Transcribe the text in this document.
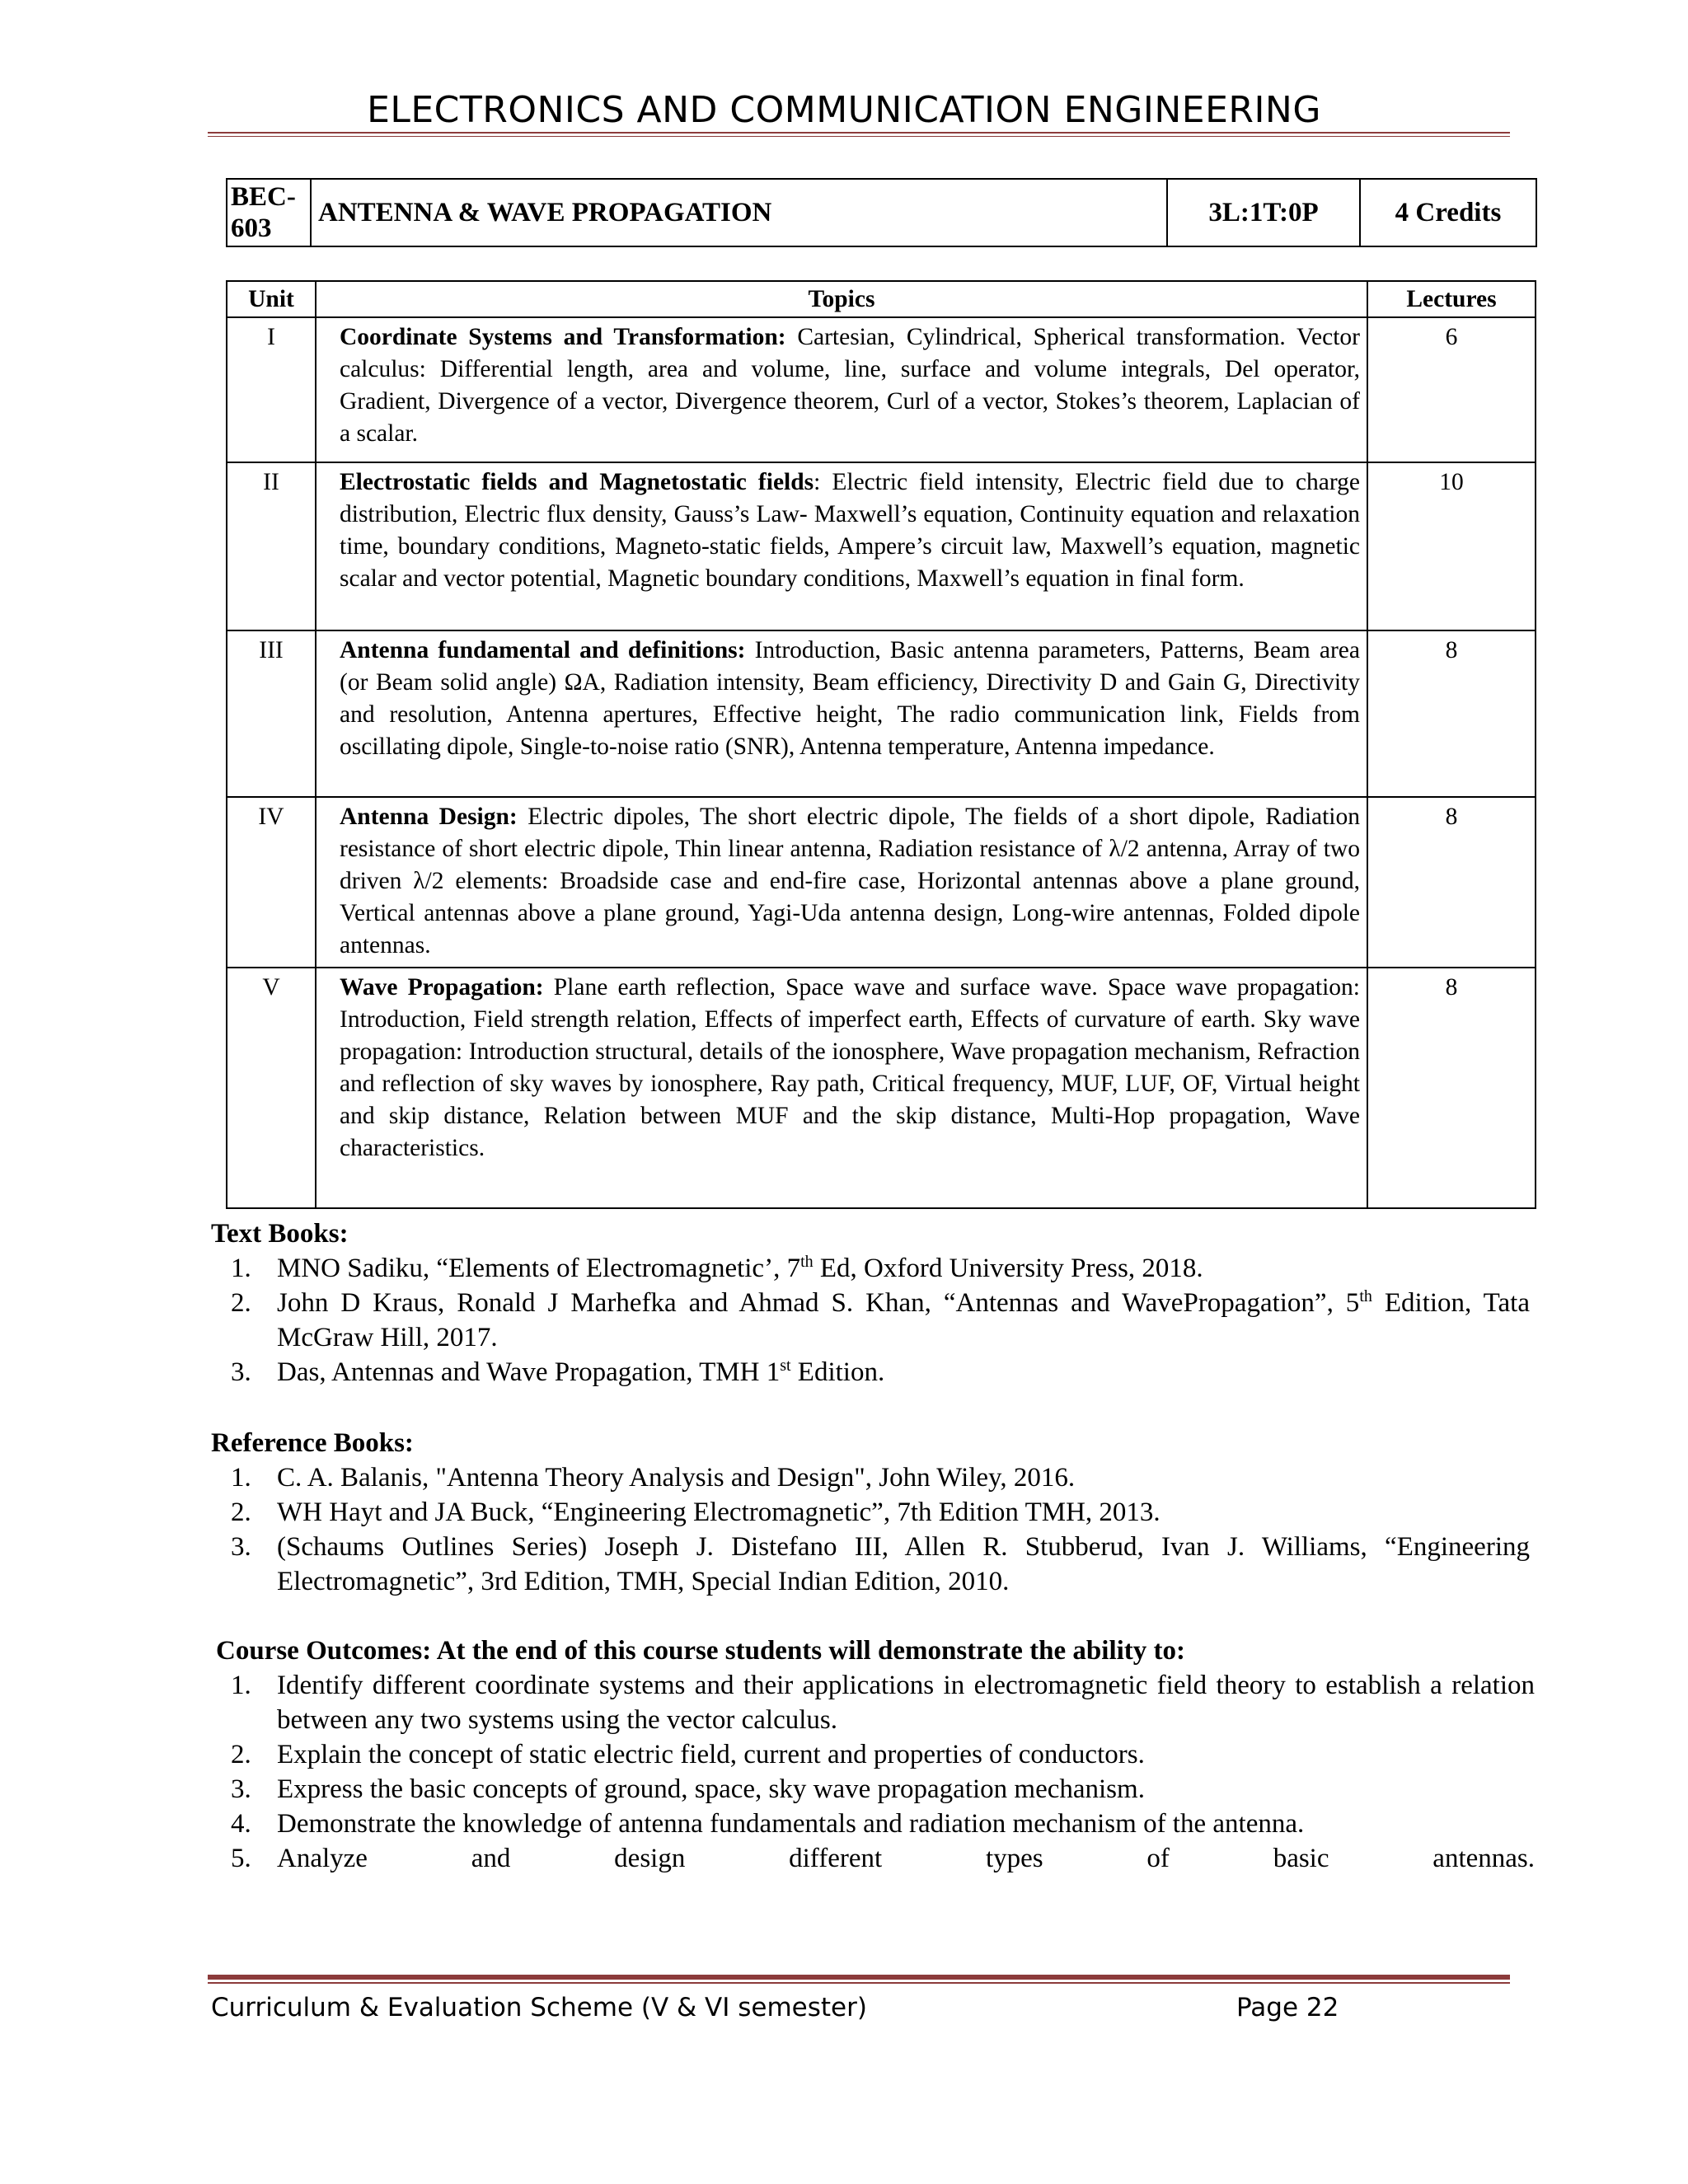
ELECTRONICS AND COMMUNICATION ENGINEERING
BEC-603	ANTENNA & WAVE PROPAGATION	3L:1T:0P	4 Credits
Unit	Topics	Lectures
I	Coordinate Systems and Transformation: Cartesian, Cylindrical, Spherical transformation. Vector calculus: Differential length, area and volume, line, surface and volume integrals, Del operator, Gradient, Divergence of a vector, Divergence theorem, Curl of a vector, Stokes’s theorem, Laplacian of a scalar.	6
II	Electrostatic fields and Magnetostatic fields: Electric field intensity, Electric field due to charge distribution, Electric flux density, Gauss’s Law- Maxwell’s equation, Continuity equation and relaxation time, boundary conditions, Magneto-static fields, Ampere’s circuit law, Maxwell’s equation, magnetic scalar and vector potential, Magnetic boundary conditions, Maxwell’s equation in final form.	10
III	Antenna fundamental and definitions: Introduction, Basic antenna parameters, Patterns, Beam area (or Beam solid angle) ΩA, Radiation intensity, Beam efficiency, Directivity D and Gain G, Directivity and resolution, Antenna apertures, Effective height, The radio communication link, Fields from oscillating dipole, Single-to-noise ratio (SNR), Antenna temperature, Antenna impedance.	8
IV	Antenna Design: Electric dipoles, The short electric dipole, The fields of a short dipole, Radiation resistance of short electric dipole, Thin linear antenna, Radiation resistance of λ/2 antenna, Array of two driven λ/2 elements: Broadside case and end-fire case, Horizontal antennas above a plane ground, Vertical antennas above a plane ground, Yagi-Uda antenna design, Long-wire antennas, Folded dipole antennas.	8
V	Wave Propagation: Plane earth reflection, Space wave and surface wave. Space wave propagation: Introduction, Field strength relation, Effects of imperfect earth, Effects of curvature of earth. Sky wave propagation: Introduction structural, details of the ionosphere, Wave propagation mechanism, Refraction and reflection of sky waves by ionosphere, Ray path, Critical frequency, MUF, LUF, OF, Virtual height and skip distance, Relation between MUF and the skip distance, Multi-Hop propagation, Wave characteristics.	8
Text Books:
1. MNO Sadiku, “Elements of Electromagnetic’, 7th Ed, Oxford University Press, 2018.
2. John D Kraus, Ronald J Marhefka and Ahmad S. Khan, “Antennas and WavePropagation”, 5th Edition, Tata McGraw Hill, 2017.
3. Das, Antennas and Wave Propagation, TMH 1st Edition.
Reference Books:
1. C. A. Balanis, "Antenna Theory Analysis and Design", John Wiley, 2016.
2. WH Hayt and JA Buck, “Engineering Electromagnetic”, 7th Edition TMH, 2013.
3. (Schaums Outlines Series) Joseph J. Distefano III, Allen R. Stubberud, Ivan J. Williams, “Engineering Electromagnetic”, 3rd Edition, TMH, Special Indian Edition, 2010.
Course Outcomes: At the end of this course students will demonstrate the ability to:
1. Identify different coordinate systems and their applications in electromagnetic field theory to establish a relation between any two systems using the vector calculus.
2. Explain the concept of static electric field, current and properties of conductors.
3. Express the basic concepts of ground, space, sky wave propagation mechanism.
4. Demonstrate the knowledge of antenna fundamentals and radiation mechanism of the antenna.
5. Analyze and design different types of basic antennas.
Curriculum & Evaluation Scheme (V & VI semester)	Page 22
